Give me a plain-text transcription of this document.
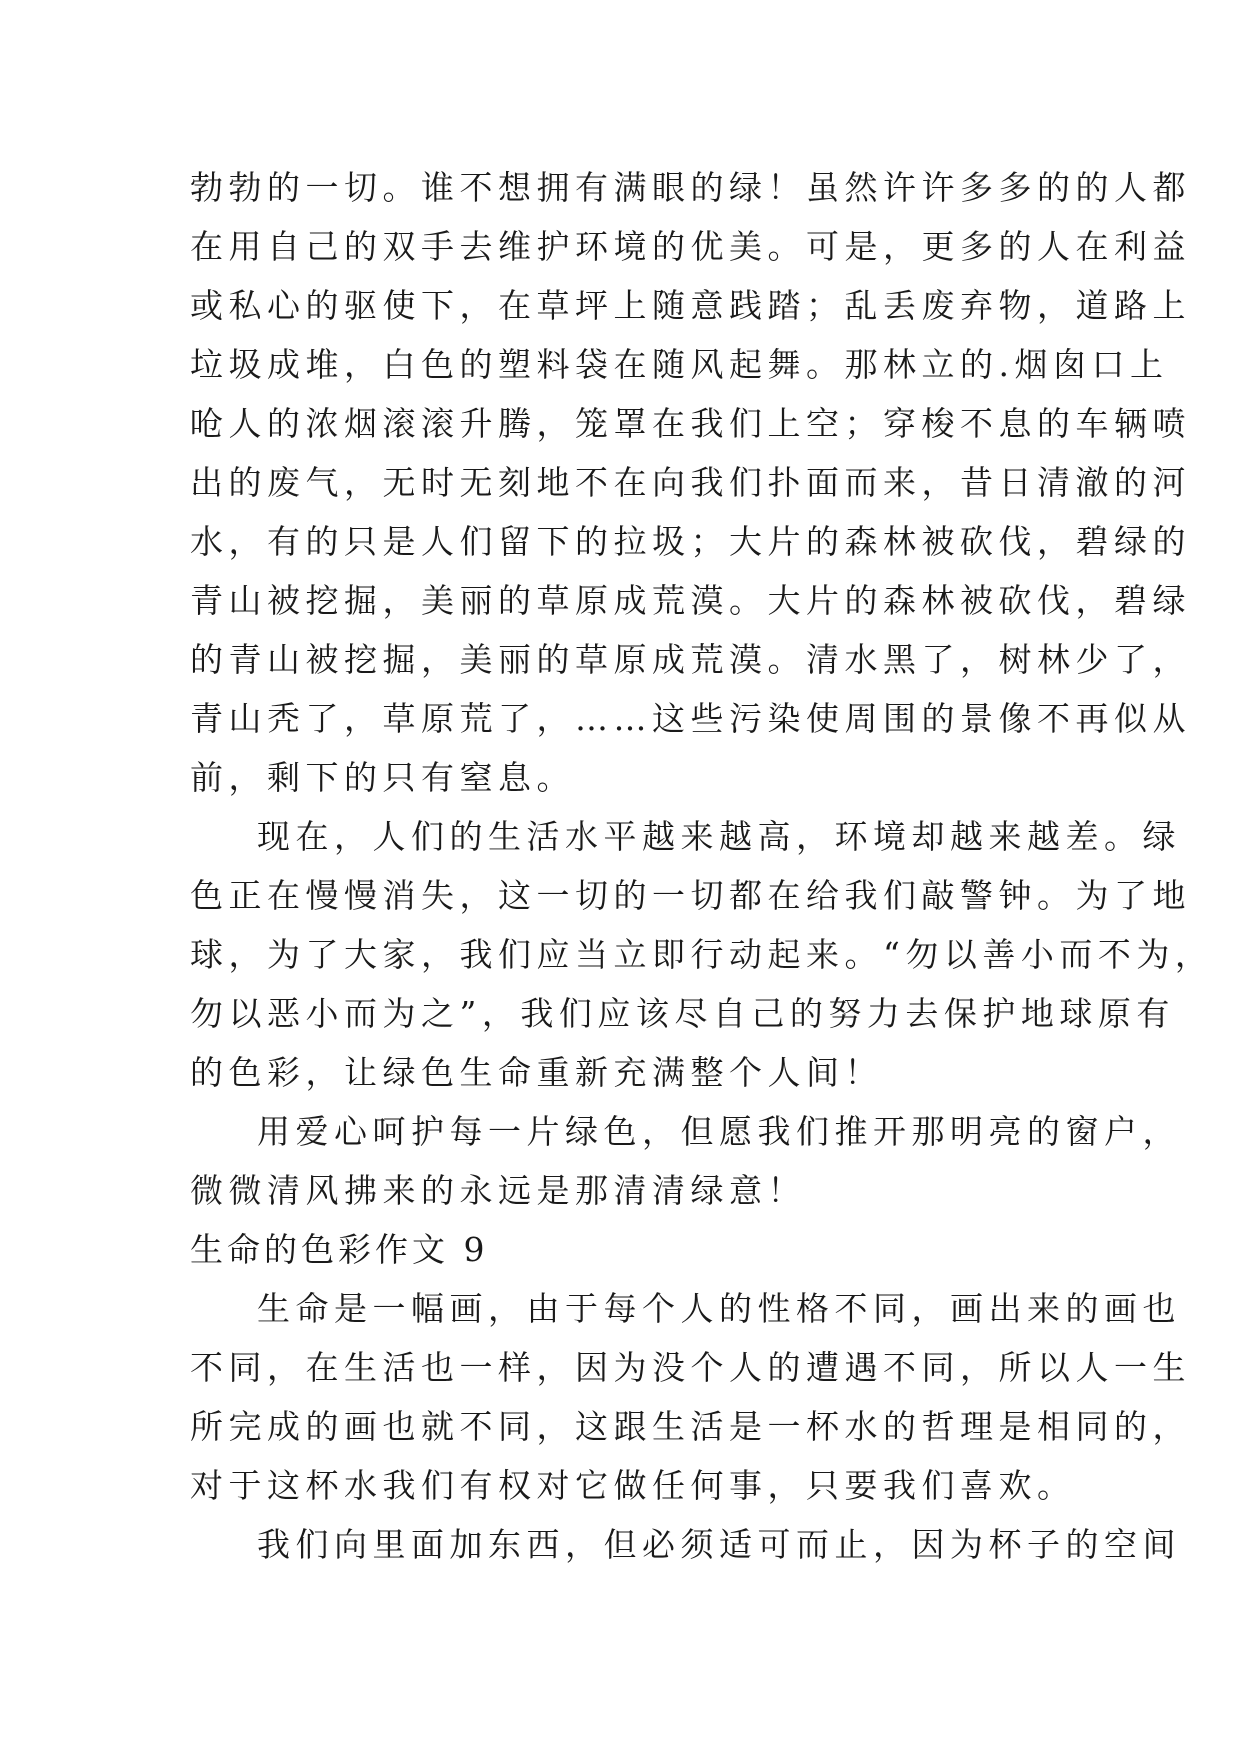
勃勃的一切。谁不想拥有满眼的绿！虽然许许多多的的人都
在用自己的双手去维护环境的优美。可是，更多的人在利益
或私心的驱使下，在草坪上随意践踏；乱丢废弃物，道路上
垃圾成堆，白色的塑料袋在随风起舞。那林立的.烟囱口上
呛人的浓烟滚滚升腾，笼罩在我们上空；穿梭不息的车辆喷
出的废气，无时无刻地不在向我们扑面而来，昔日清澈的河
水，有的只是人们留下的拉圾；大片的森林被砍伐，碧绿的
青山被挖掘，美丽的草原成荒漠。大片的森林被砍伐，碧绿
的青山被挖掘，美丽的草原成荒漠。清水黑了，树林少了，
青山秃了，草原荒了，……这些污染使周围的景像不再似从
前，剩下的只有窒息。
现在，人们的生活水平越来越高，环境却越来越差。绿
色正在慢慢消失，这一切的一切都在给我们敲警钟。为了地
球，为了大家，我们应当立即行动起来。“勿以善小而不为，
勿以恶小而为之”，我们应该尽自己的努力去保护地球原有
的色彩，让绿色生命重新充满整个人间！
用爱心呵护每一片绿色，但愿我们推开那明亮的窗户，
微微清风拂来的永远是那清清绿意！
生命的色彩作文 9
生命是一幅画，由于每个人的性格不同，画出来的画也
不同，在生活也一样，因为没个人的遭遇不同，所以人一生
所完成的画也就不同，这跟生活是一杯水的哲理是相同的，
对于这杯水我们有权对它做任何事，只要我们喜欢。
我们向里面加东西，但必须适可而止，因为杯子的空间
